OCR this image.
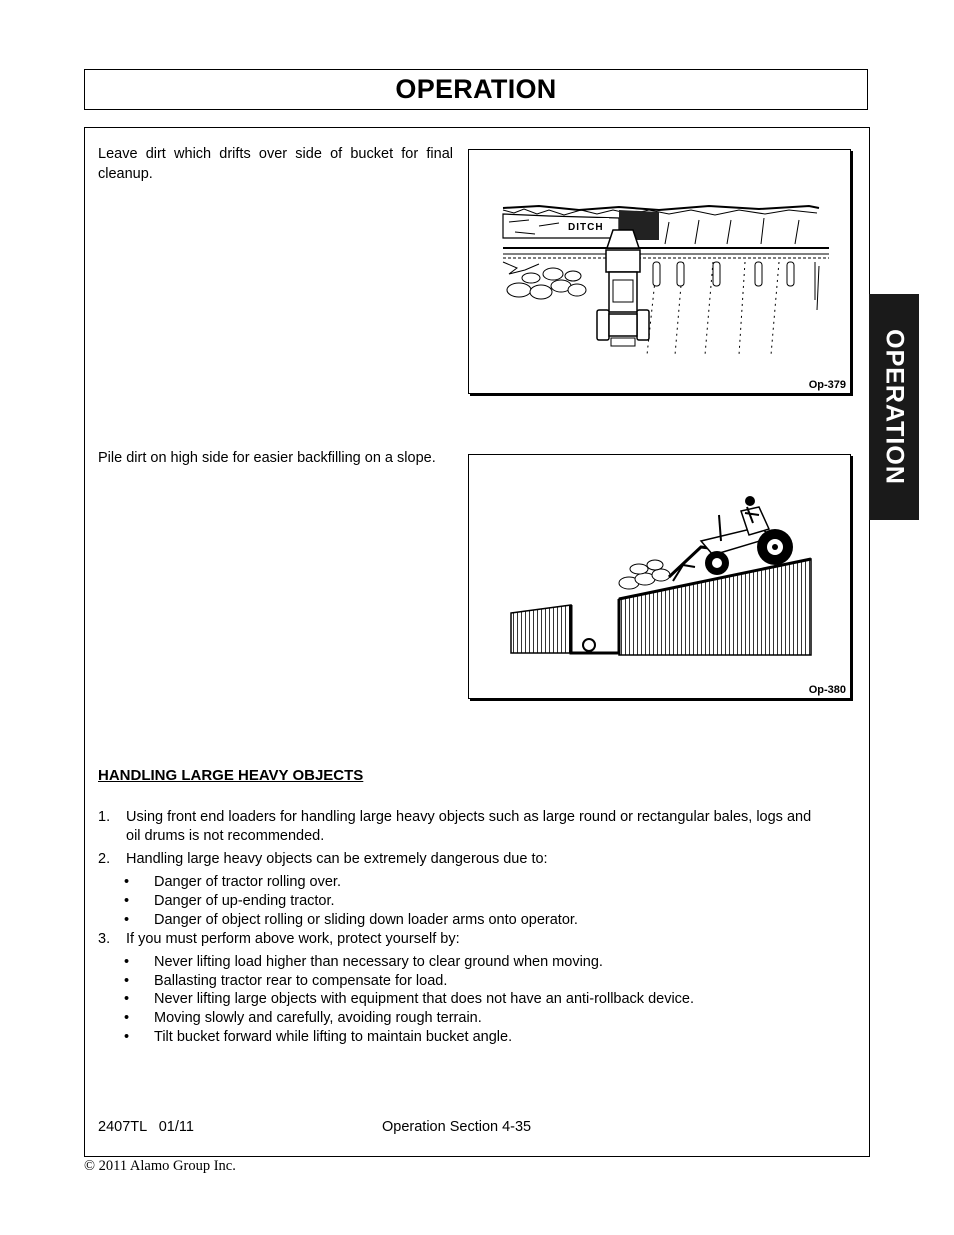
OPERATION
OPERATION
Leave dirt which drifts over side of bucket for final cleanup.
DITCH
Op-379
Pile dirt on high side for easier backfilling on a slope.
Op-380
HANDLING LARGE HEAVY OBJECTS
1. Using front end loaders for handling large heavy objects such as large round or rectangular bales, logs and
oil drums is not recommended.
2. Handling large heavy objects can be extremely dangerous due to:
• Danger of tractor rolling over.
• Danger of up-ending tractor.
• Danger of object rolling or sliding down loader arms onto operator.
3. If you must perform above work, protect yourself by:
• Never lifting load higher than necessary to clear ground when moving.
• Ballasting tractor rear to compensate for load.
• Never lifting large objects with equipment that does not have an anti-rollback device.
• Moving slowly and carefully, avoiding rough terrain.
• Tilt bucket forward while lifting to maintain bucket angle.
2407TL   01/11	Operation Section 4-35
© 2011 Alamo Group Inc.
